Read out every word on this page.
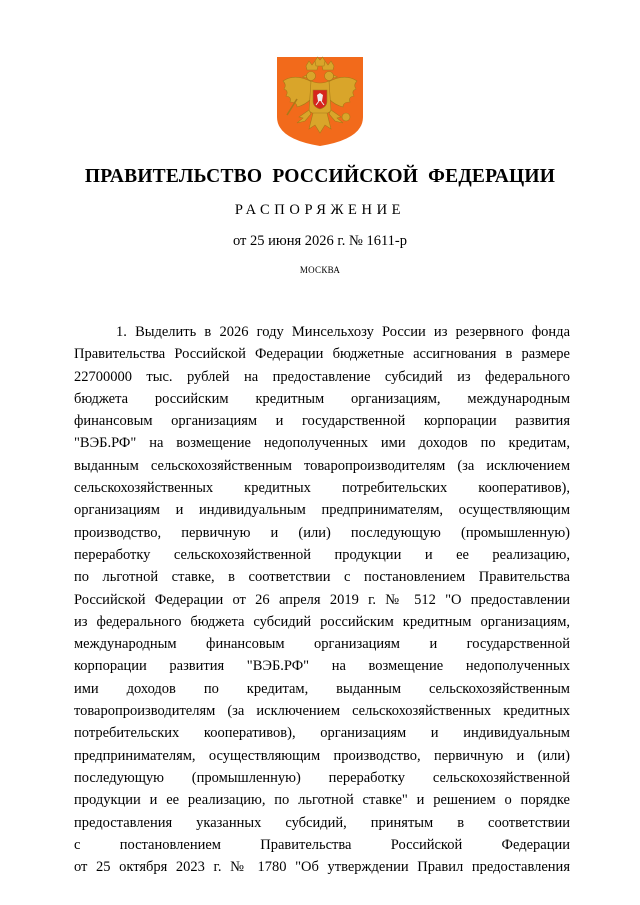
ПРАВИТЕЛЬСТВО РОССИЙСКОЙ ФЕДЕРАЦИИ
РАСПОРЯЖЕНИЕ
от 25 июня 2026 г. № 1611-р
МОСКВА
1. Выделить в 2026 году Минсельхозу России из резервного фонда
Правительства Российской Федерации бюджетные ассигнования в размере
22700000 тыс. рублей на предоставление субсидий из федерального
бюджета российским кредитным организациям, международным
финансовым организациям и государственной корпорации развития
"ВЭБ.РФ" на возмещение недополученных ими доходов по кредитам,
выданным сельскохозяйственным товаропроизводителям (за исключением
сельскохозяйственных кредитных потребительских кооперативов),
организациям и индивидуальным предпринимателям, осуществляющим
производство, первичную и (или) последующую (промышленную)
переработку сельскохозяйственной продукции и ее реализацию,
по льготной ставке, в соответствии с постановлением Правительства
Российской Федерации от 26 апреля 2019 г. № 512 "О предоставлении
из федерального бюджета субсидий российским кредитным организациям,
международным финансовым организациям и государственной
корпорации развития "ВЭБ.РФ" на возмещение недополученных
ими доходов по кредитам, выданным сельскохозяйственным
товаропроизводителям (за исключением сельскохозяйственных кредитных
потребительских кооперативов), организациям и индивидуальным
предпринимателям, осуществляющим производство, первичную и (или)
последующую (промышленную) переработку сельскохозяйственной
продукции и ее реализацию, по льготной ставке" и решением о порядке
предоставления указанных субсидий, принятым в соответствии
с постановлением Правительства Российской Федерации
от 25 октября 2023 г. № 1780 "Об утверждении Правил предоставления
